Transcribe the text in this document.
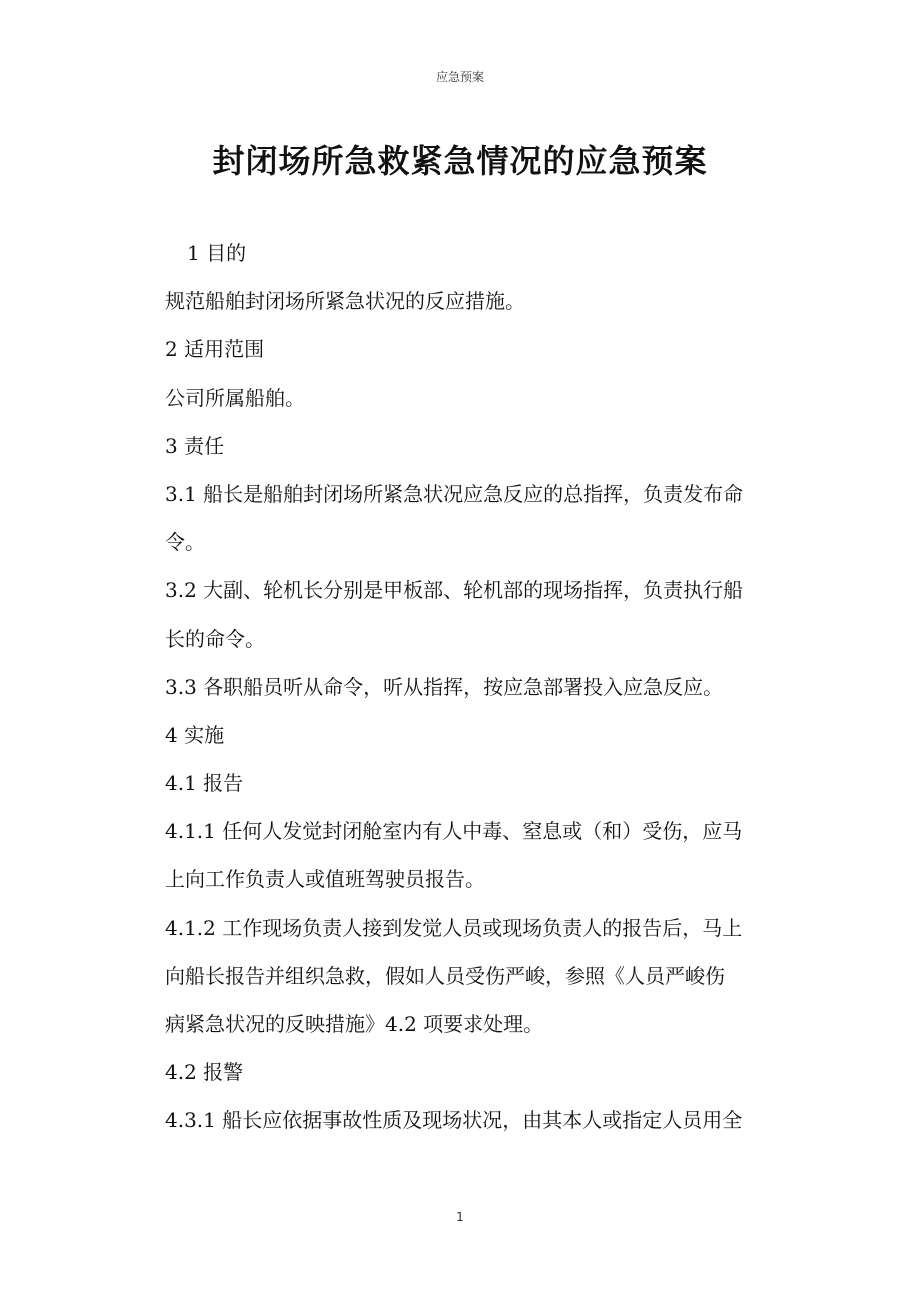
应急预案
封闭场所急救紧急情况的应急预案
1 目的
规范船舶封闭场所紧急状况的反应措施。
2 适用范围
公司所属船舶。
3 责任
3.1 船长是船舶封闭场所紧急状况应急反应的总指挥，负责发布命
令。
3.2 大副、轮机长分别是甲板部、轮机部的现场指挥，负责执行船
长的命令。
3.3 各职船员听从命令，听从指挥，按应急部署投入应急反应。
4 实施
4.1 报告
4.1.1 任何人发觉封闭舱室内有人中毒、窒息或（和）受伤，应马
上向工作负责人或值班驾驶员报告。
4.1.2 工作现场负责人接到发觉人员或现场负责人的报告后，马上
向船长报告并组织急救，假如人员受伤严峻，参照《人员严峻伤
病紧急状况的反映措施》4.2 项要求处理。
4.2 报警
4.3.1 船长应依据事故性质及现场状况，由其本人或指定人员用全
1
